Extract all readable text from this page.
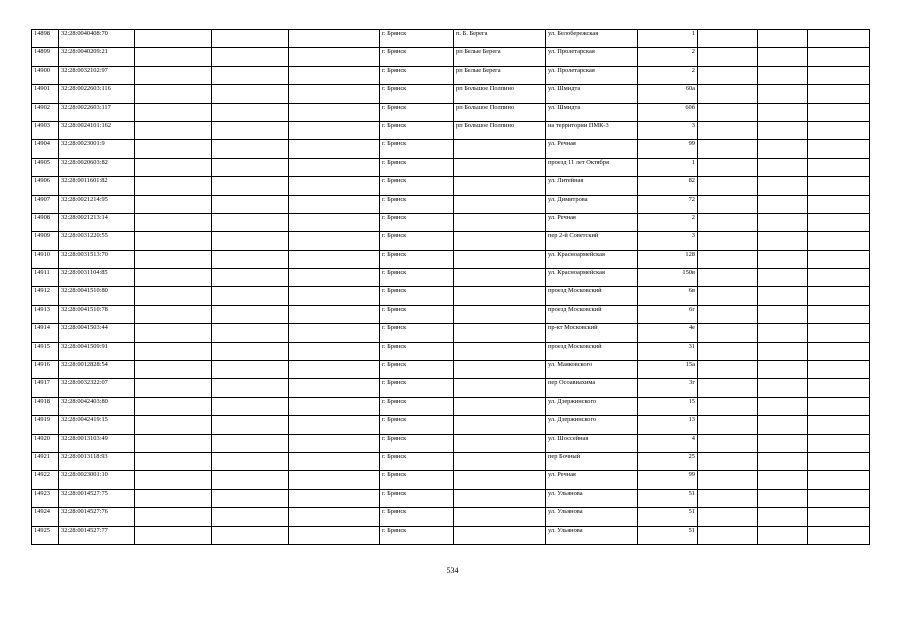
14898	32:28:0040408:70				г. Брянск	п. Б. Берега	ул. Белобережская	1			
14899	32:28:0040209:21				г. Брянск	рп Белые Берега	ул. Пролетарская	2			
14900	32:28:0032102:97				г. Брянск	рп Белые Берега	ул. Пролетарская	2			
14901	32:28:0022603:116				г. Брянск	рп Большое Полпино	ул. Шмидта	60а			
14902	32:28:0022603:117				г. Брянск	рп Большое Полпино	ул. Шмидта	60б			
14903	32:28:0024101:162				г. Брянск	рп Большое Полпино	на территории ПМК-3	3			
14904	32:28:0023001:9				г. Брянск		ул. Речная	99			
14905	32:28:0020603:82				г. Брянск		проезд 11 лет Октября	1			
14906	32:28:0011601:82				г. Брянск		ул. Литейная	82			
14907	32:28:0021214:95				г. Брянск		ул. Димитрова	72			
14908	32:28:0021213:14				г. Брянск		ул. Речная	2			
14909	32:28:0031220:55				г. Брянск		пер 2-й Советский	3			
14910	32:28:0031513:70				г. Брянск		ул. Красноармейская	128			
14911	32:28:0031104:85				г. Брянск		ул. Красноармейская	150в			
14912	32:28:0041510:80				г. Брянск		проезд Московский	6в			
14913	32:28:0041510:78				г. Брянск		проезд Московский	6г			
14914	32:28:0041503:44				г. Брянск		пр-кт Московский	4е			
14915	32:28:0041509:91				г. Брянск		проезд Московский	31			
14916	32:28:0012828:54				г. Брянск		ул. Маяковского	15а			
14917	32:28:0032322:07				г. Брянск		пер Осоавиахима	3г			
14918	32:28:0042403:80				г. Брянск		ул. Дзержинского	15			
14919	32:28:0042419:15				г. Брянск		ул. Дзержинского	13			
14920	32:28:0013103:49				г. Брянск		ул. Шоссейная	4			
14921	32:28:0013118:93				г. Брянск		пер Бочный	25			
14922	32:28:0023001:10				г. Брянск		ул. Речная	99			
14923	32:28:0014527:75				г. Брянск		ул. Ульянова	51			
14924	32:28:0014527:76				г. Брянск		ул. Ульянова	51			
14925	32:28:0014527:77				г. Брянск		ул. Ульянова	51			
534
